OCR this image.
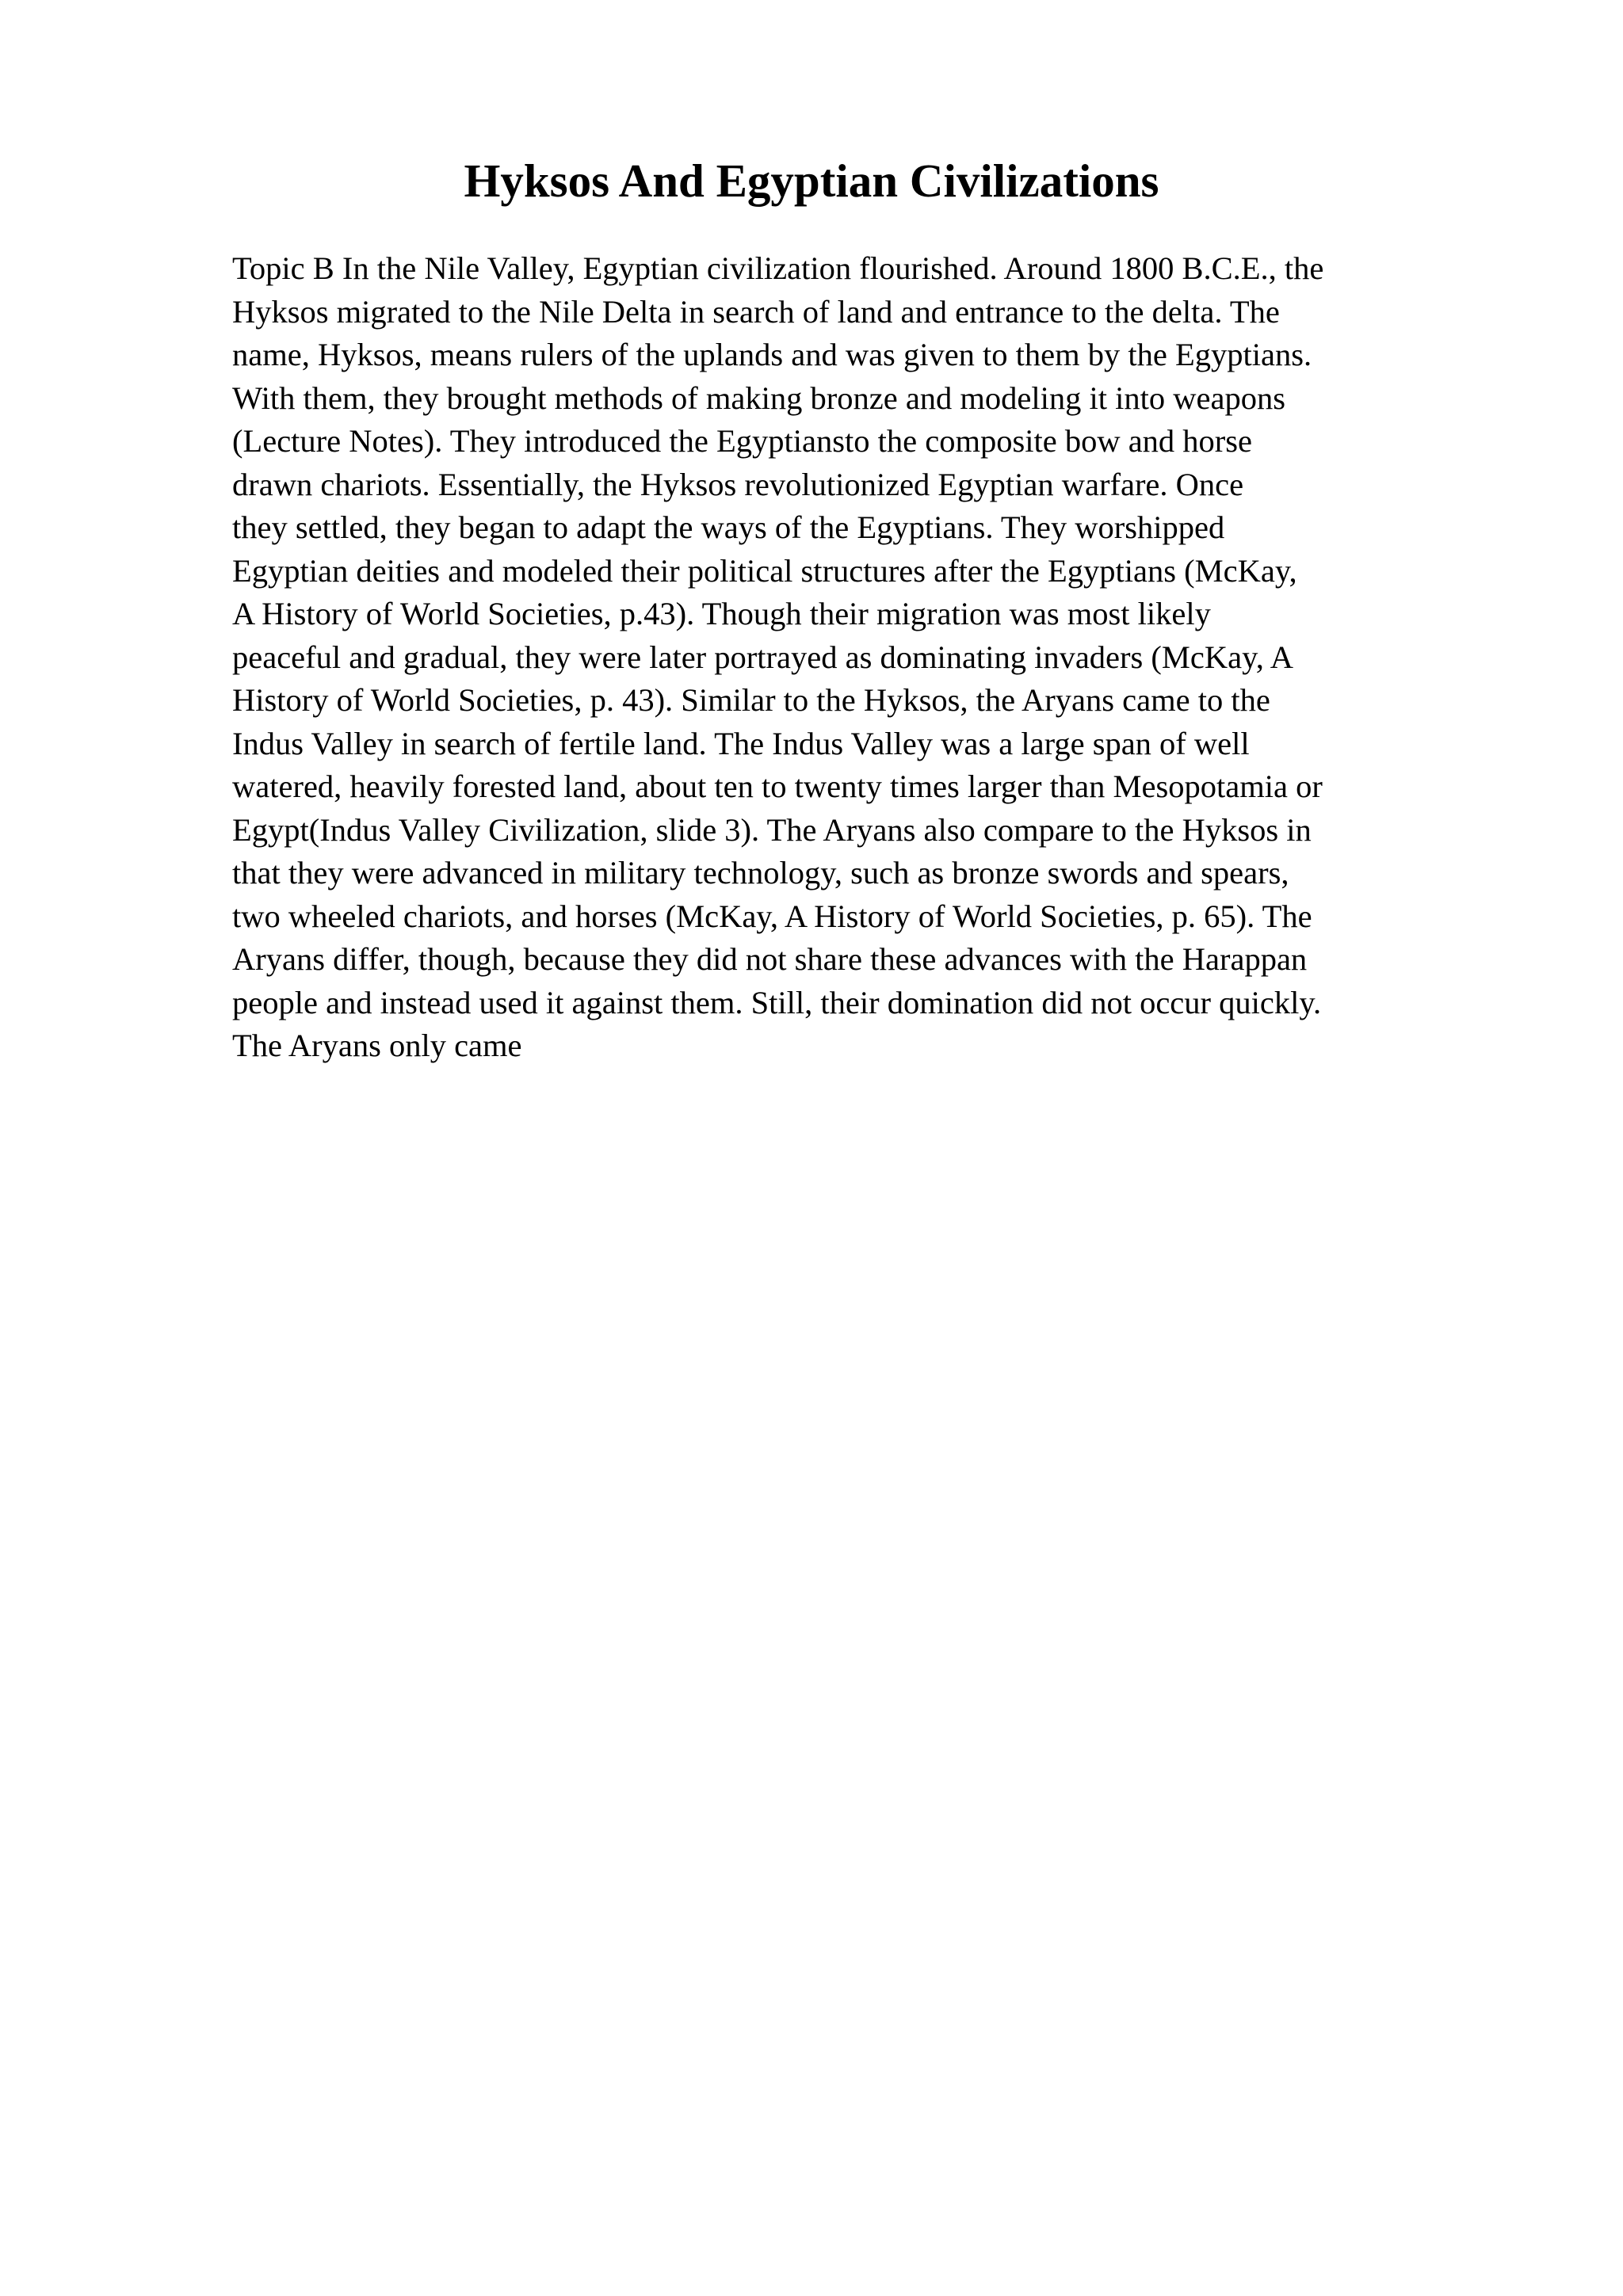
Hyksos And Egyptian Civilizations
Topic B In the Nile Valley, Egyptian civilization flourished. Around 1800 B.C.E., the
Hyksos migrated to the Nile Delta in search of land and entrance to the delta. The
name, Hyksos, means rulers of the uplands and was given to them by the Egyptians.
With them, they brought methods of making bronze and modeling it into weapons
(Lecture Notes). They introduced the Egyptiansto the composite bow and horse
drawn chariots. Essentially, the Hyksos revolutionized Egyptian warfare. Once
they settled, they began to adapt the ways of the Egyptians. They worshipped
Egyptian deities and modeled their political structures after the Egyptians (McKay,
A History of World Societies, p.43). Though their migration was most likely
peaceful and gradual, they were later portrayed as dominating invaders (McKay, A
History of World Societies, p. 43). Similar to the Hyksos, the Aryans came to the
Indus Valley in search of fertile land. The Indus Valley was a large span of well
watered, heavily forested land, about ten to twenty times larger than Mesopotamia or
Egypt(Indus Valley Civilization, slide 3). The Aryans also compare to the Hyksos in
that they were advanced in military technology, such as bronze swords and spears,
two wheeled chariots, and horses (McKay, A History of World Societies, p. 65). The
Aryans differ, though, because they did not share these advances with the Harappan
people and instead used it against them. Still, their domination did not occur quickly.
The Aryans only came
